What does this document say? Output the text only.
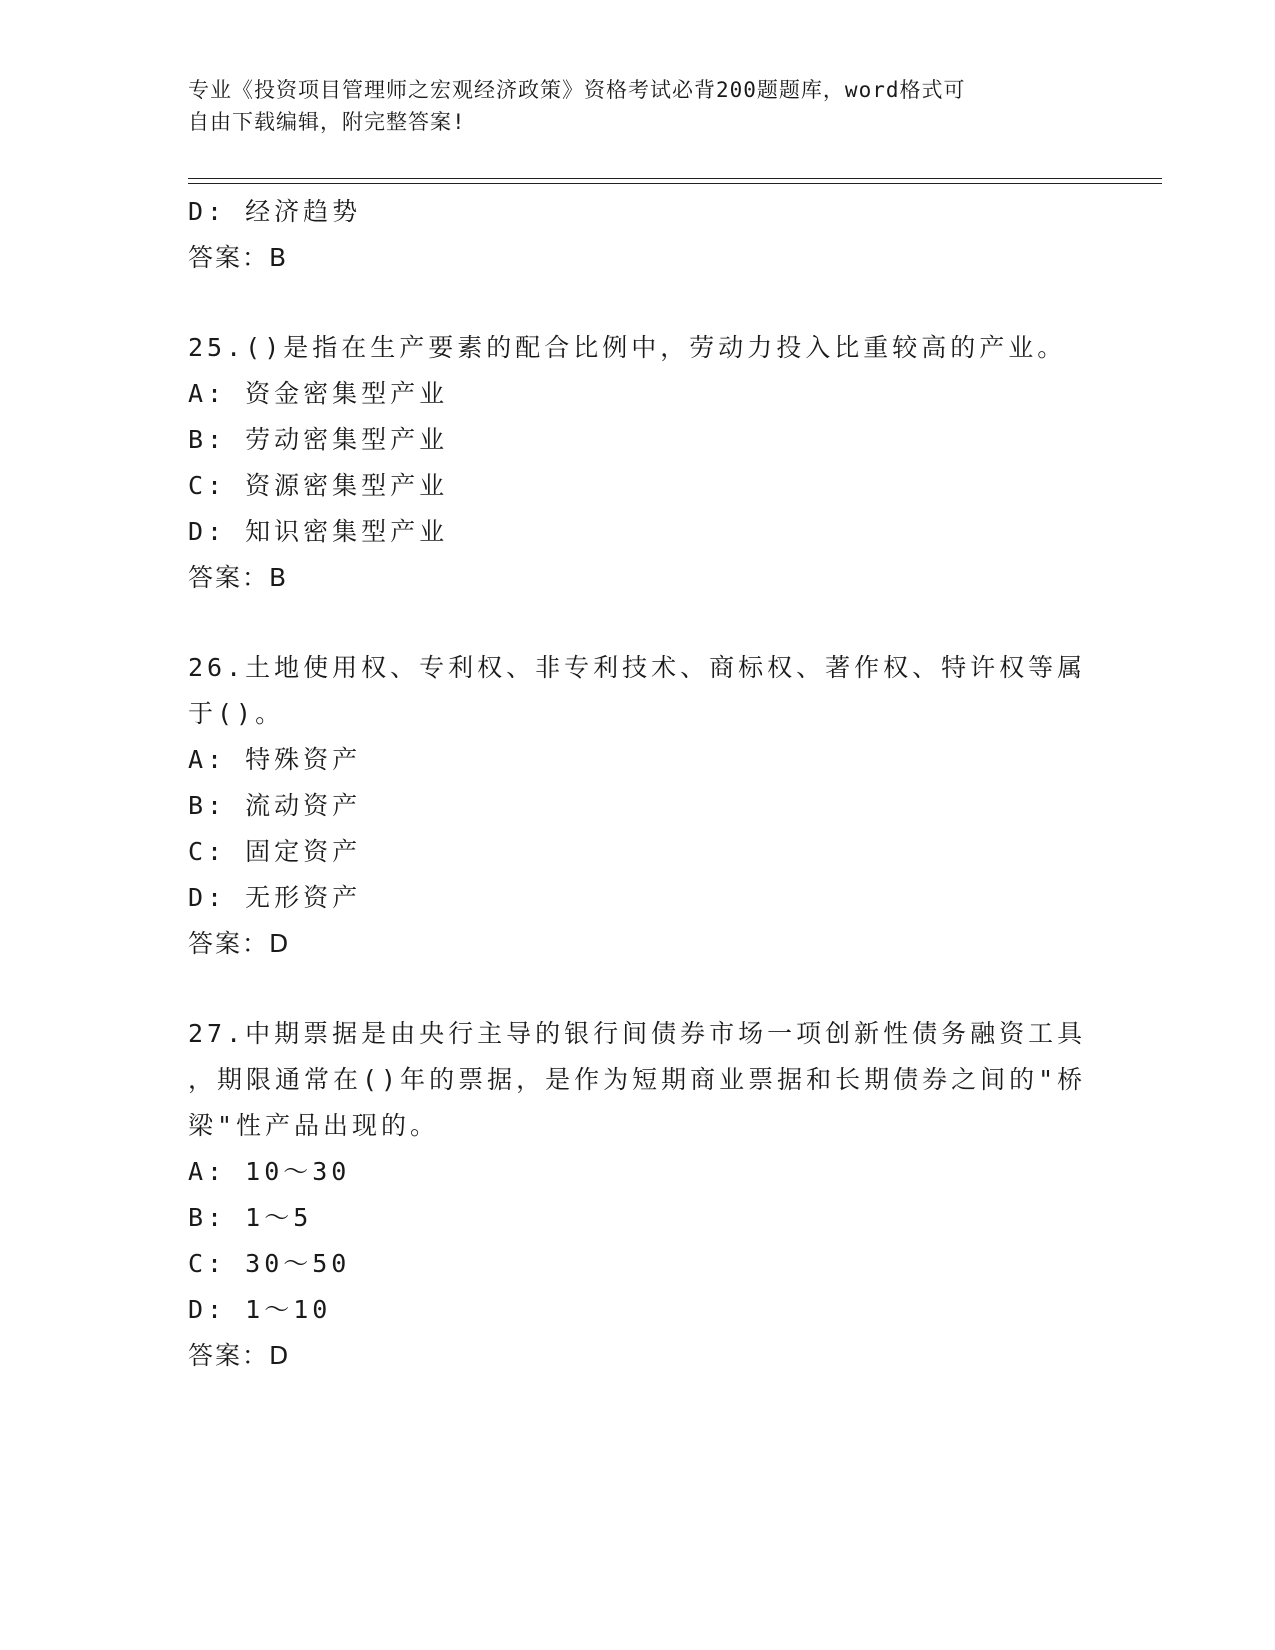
专业《投资项目管理师之宏观经济政策》资格考试必背200题题库，word格式可
自由下载编辑，附完整答案!
D: 经济趋势
答案：B
25.()是指在生产要素的配合比例中，劳动力投入比重较高的产业。
A: 资金密集型产业
B: 劳动密集型产业
C: 资源密集型产业
D: 知识密集型产业
答案：B
26.土地使用权、专利权、非专利技术、商标权、著作权、特许权等属
于()。
A: 特殊资产
B: 流动资产
C: 固定资产
D: 无形资产
答案：D
27.中期票据是由央行主导的银行间债券市场一项创新性债务融资工具
，期限通常在()年的票据，是作为短期商业票据和长期债券之间的"桥
梁"性产品出现的。
A: 10～30
B: 1～5
C: 30～50
D: 1～10
答案：D
